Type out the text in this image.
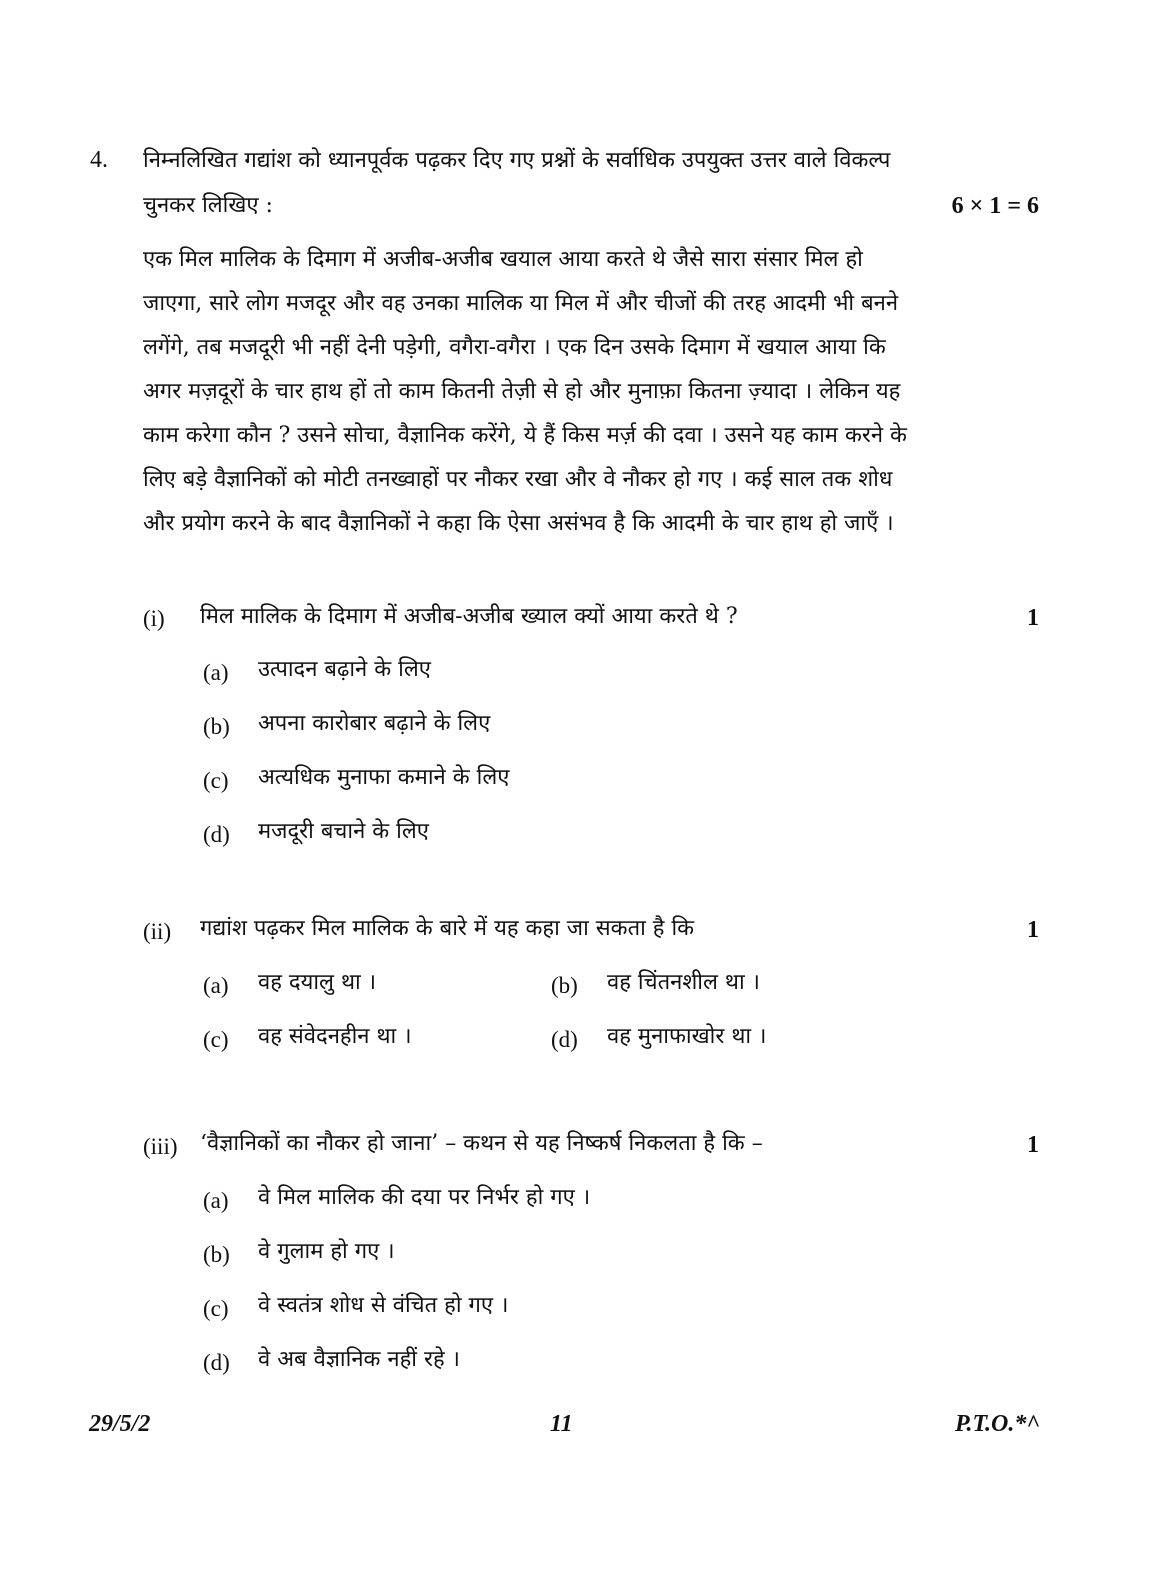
4. निम्नलिखित गद्यांश को ध्यानपूर्वक पढ़कर दिए गए प्रश्नों के सर्वाधिक उपयुक्त उत्तर वाले विकल्प
चुनकर लिखिए :	6 × 1 = 6
एक मिल मालिक के दिमाग में अजीब-अजीब खयाल आया करते थे जैसे सारा संसार मिल हो
जाएगा, सारे लोग मजदूर और वह उनका मालिक या मिल में और चीजों की तरह आदमी भी बनने
लगेंगे, तब मजदूरी भी नहीं देनी पड़ेगी, वगैरा-वगैरा । एक दिन उसके दिमाग में खयाल आया कि
अगर मज़दूरों के चार हाथ हों तो काम कितनी तेज़ी से हो और मुनाफ़ा कितना ज़्यादा । लेकिन यह
काम करेगा कौन ? उसने सोचा, वैज्ञानिक करेंगे, ये हैं किस मर्ज़ की दवा । उसने यह काम करने के
लिए बड़े वैज्ञानिकों को मोटी तनख्वाहों पर नौकर रखा और वे नौकर हो गए । कई साल तक शोध
और प्रयोग करने के बाद वैज्ञानिकों ने कहा कि ऐसा असंभव है कि आदमी के चार हाथ हो जाएँ ।
(i) मिल मालिक के दिमाग में अजीब-अजीब ख्याल क्यों आया करते थे ?	1
(a) उत्पादन बढ़ाने के लिए
(b) अपना कारोबार बढ़ाने के लिए
(c) अत्यधिक मुनाफा कमाने के लिए
(d) मजदूरी बचाने के लिए
(ii) गद्यांश पढ़कर मिल मालिक के बारे में यह कहा जा सकता है कि	1
(a) वह दयालु था ।	(b) वह चिंतनशील था ।
(c) वह संवेदनहीन था ।	(d) वह मुनाफाखोर था ।
(iii) ‘वैज्ञानिकों का नौकर हो जाना’ – कथन से यह निष्कर्ष निकलता है कि –	1
(a) वे मिल मालिक की दया पर निर्भर हो गए ।
(b) वे गुलाम हो गए ।
(c) वे स्वतंत्र शोध से वंचित हो गए ।
(d) वे अब वैज्ञानिक नहीं रहे ।
29/5/2	11	P.T.O.*^
